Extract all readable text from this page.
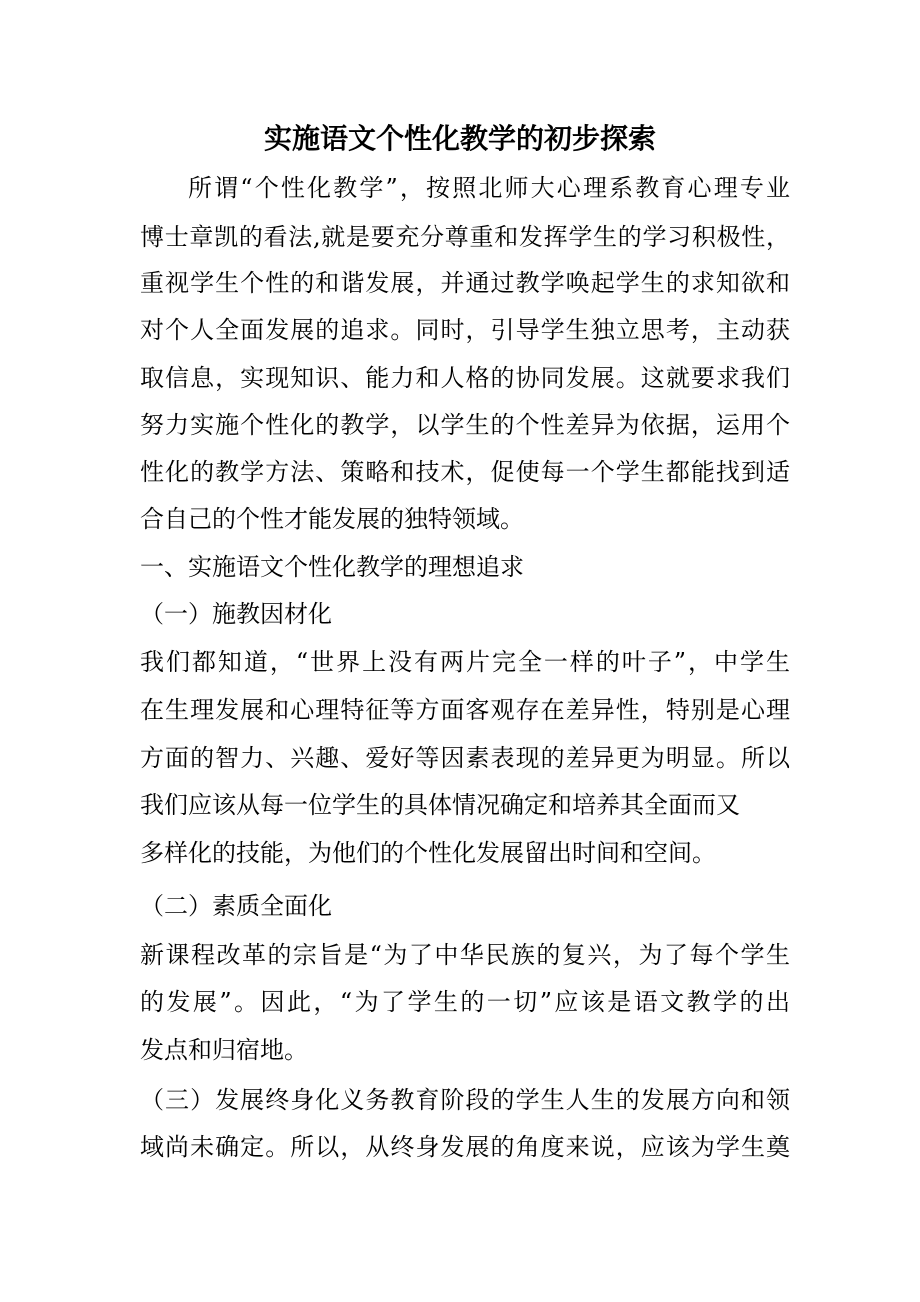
实施语文个性化教学的初步探索
所谓“个性化教学”，按照北师大心理系教育心理专业
博士章凯的看法,就是要充分尊重和发挥学生的学习积极性，
重视学生个性的和谐发展，并通过教学唤起学生的求知欲和
对个人全面发展的追求。同时，引导学生独立思考，主动获
取信息，实现知识、能力和人格的协同发展。这就要求我们
努力实施个性化的教学，以学生的个性差异为依据，运用个
性化的教学方法、策略和技术，促使每一个学生都能找到适
合自己的个性才能发展的独特领域。
一、实施语文个性化教学的理想追求
（一）施教因材化
我们都知道，“世界上没有两片完全一样的叶子”，中学生
在生理发展和心理特征等方面客观存在差异性，特别是心理
方面的智力、兴趣、爱好等因素表现的差异更为明显。所以
我们应该从每一位学生的具体情况确定和培养其全面而又
多样化的技能，为他们的个性化发展留出时间和空间。
（二）素质全面化
新课程改革的宗旨是“为了中华民族的复兴，为了每个学生
的发展”。因此，“为了学生的一切”应该是语文教学的出
发点和归宿地。
（三）发展终身化义务教育阶段的学生人生的发展方向和领
域尚未确定。所以，从终身发展的角度来说，应该为学生奠
